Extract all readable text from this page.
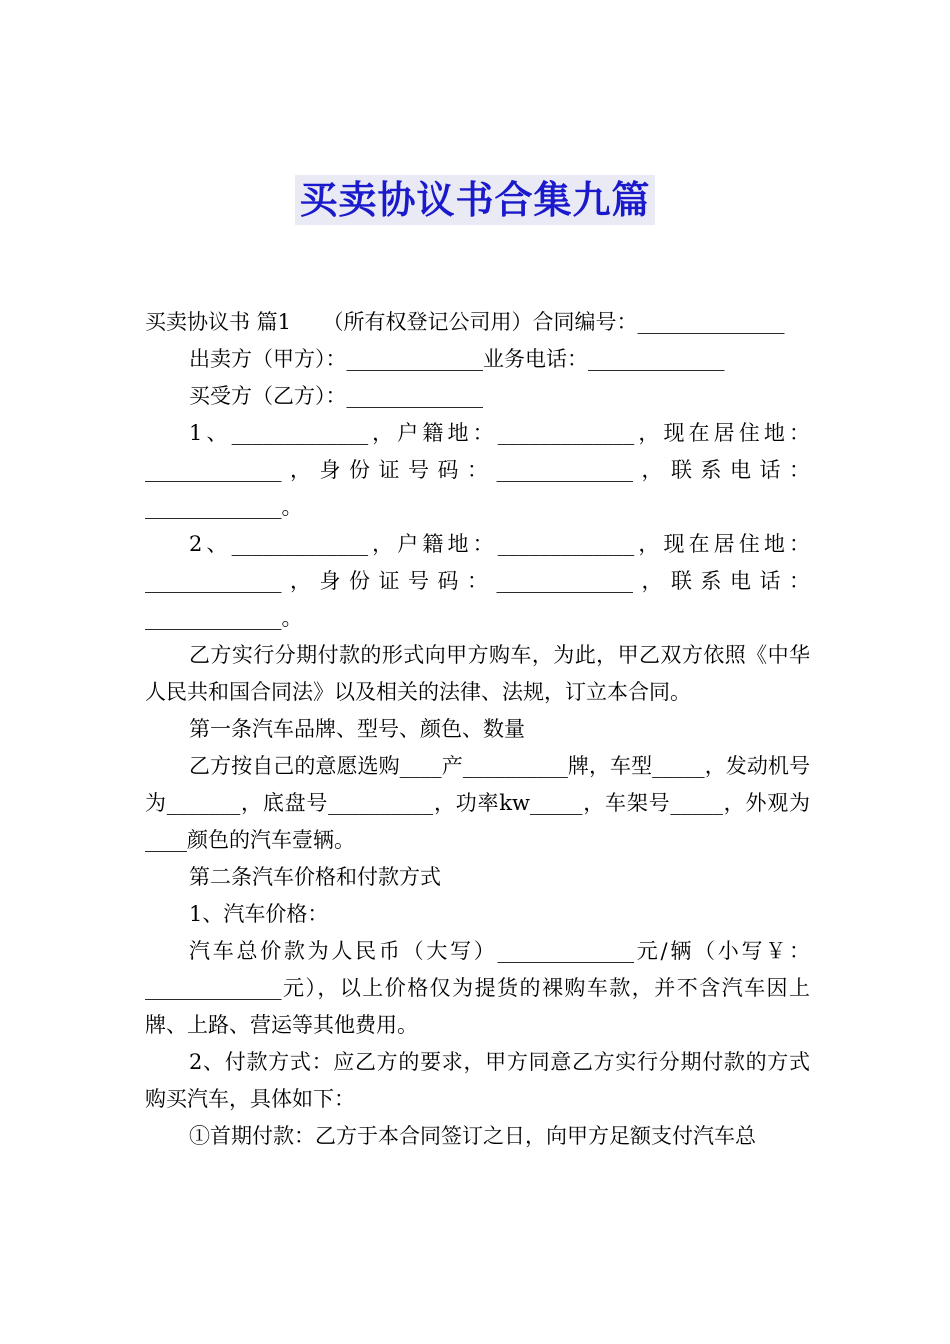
买卖协议书合集九篇

买卖协议书 篇1　　（所有权登记公司用）合同编号：______________

出卖方（甲方）：_____________业务电话：_____________

买受方（乙方）：_____________

1、_____________，户籍地：_____________，现在居住地：_____________，身份证号码：_____________，联系电话：_____________。

2、_____________，户籍地：_____________，现在居住地：_____________，身份证号码：_____________，联系电话：_____________。

乙方实行分期付款的形式向甲方购车，为此，甲乙双方依照《中华人民共和国合同法》以及相关的法律、法规，订立本合同。

第一条汽车品牌、型号、颜色、数量

乙方按自己的意愿选购____产__________牌，车型_____，发动机号为_______，底盘号__________，功率kw_____，车架号_____，外观为____颜色的汽车壹辆。

第二条汽车价格和付款方式

1、汽车价格：

汽车总价款为人民币（大写）_____________元/辆（小写￥：_____________元），以上价格仅为提货的裸购车款，并不含汽车因上牌、上路、营运等其他费用。

2、付款方式：应乙方的要求，甲方同意乙方实行分期付款的方式购买汽车，具体如下：

①首期付款：乙方于本合同签订之日，向甲方足额支付汽车总
